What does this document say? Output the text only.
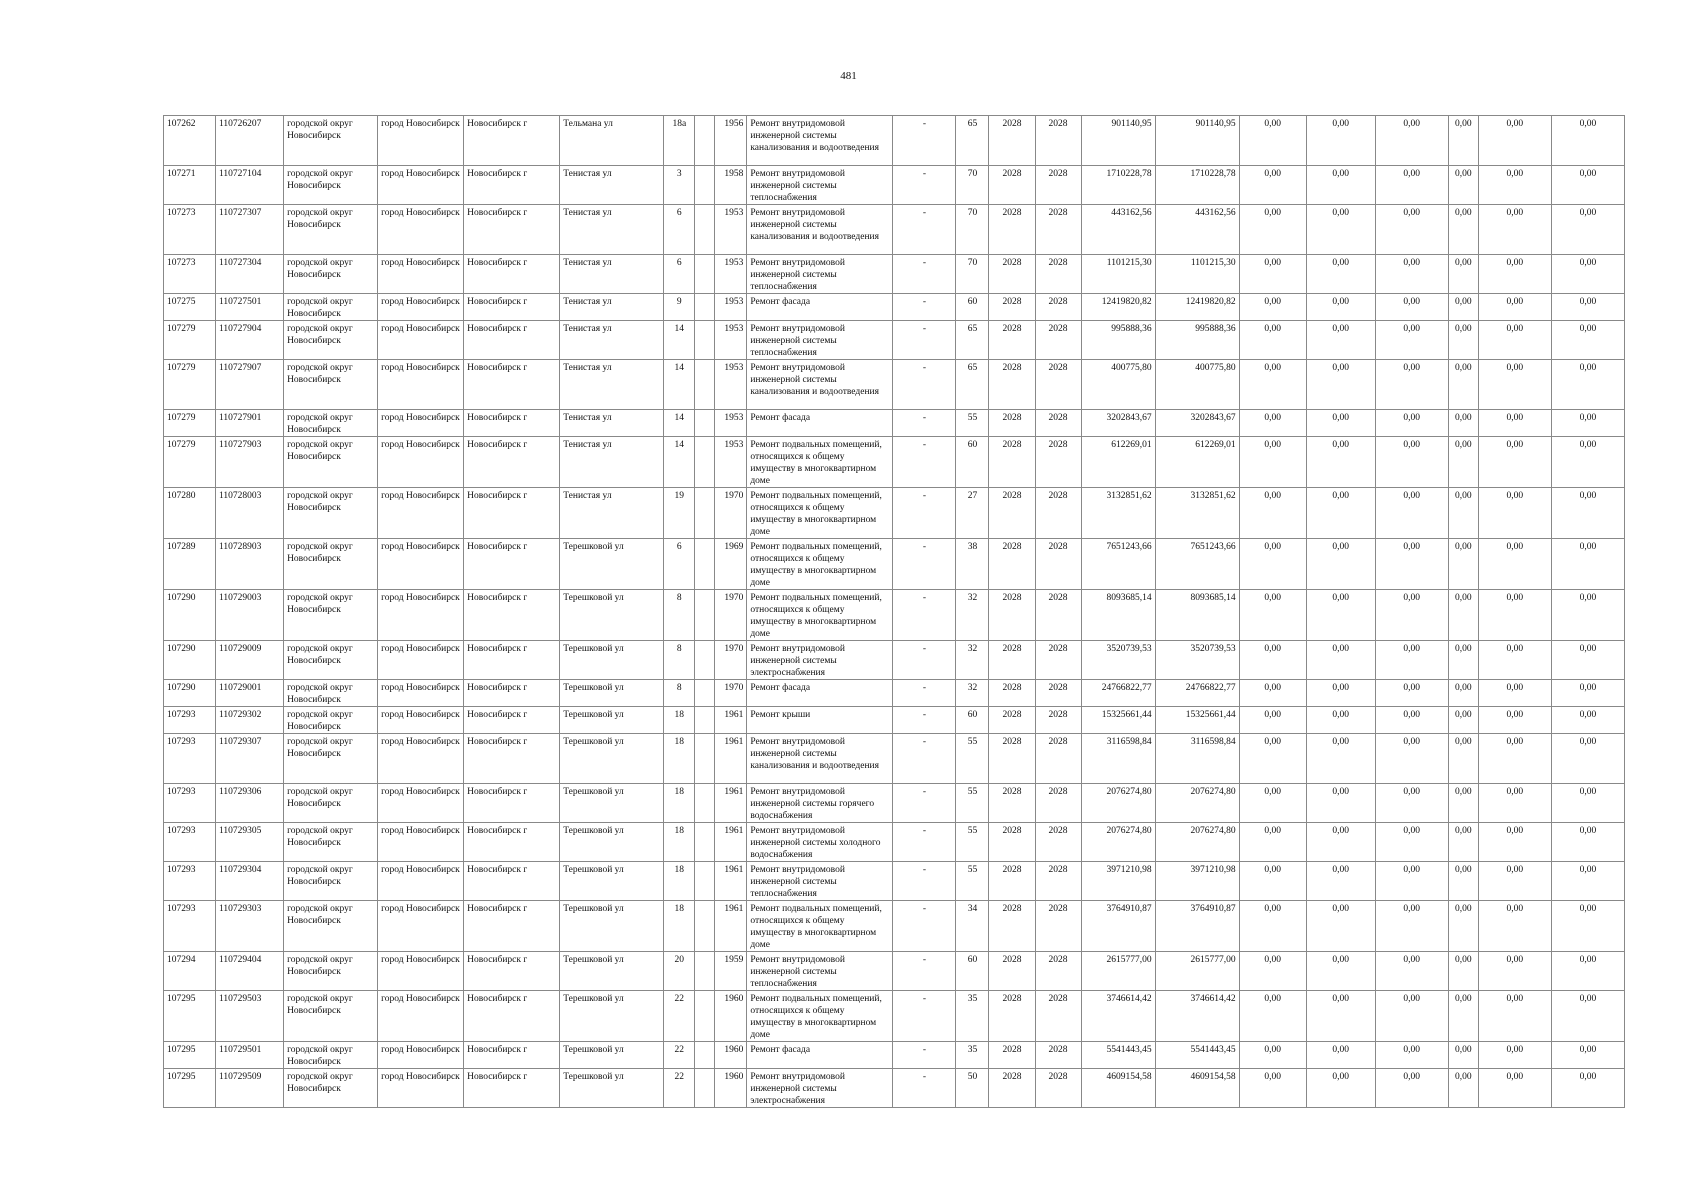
481
107262	110726207	городской округ Новосибирск	город Новосибирск	Новосибирск г	Тельмана ул	18а		1956	Ремонт внутридомовой инженерной системы канализования и водоотведения	-	65	2028	2028	901140,95	901140,95	0,00	0,00	0,00	0,00	0,00	0,00
107271	110727104	городской округ Новосибирск	город Новосибирск	Новосибирск г	Тенистая ул	3		1958	Ремонт внутридомовой инженерной системы теплоснабжения	-	70	2028	2028	1710228,78	1710228,78	0,00	0,00	0,00	0,00	0,00	0,00
107273	110727307	городской округ Новосибирск	город Новосибирск	Новосибирск г	Тенистая ул	6		1953	Ремонт внутридомовой инженерной системы канализования и водоотведения	-	70	2028	2028	443162,56	443162,56	0,00	0,00	0,00	0,00	0,00	0,00
107273	110727304	городской округ Новосибирск	город Новосибирск	Новосибирск г	Тенистая ул	6		1953	Ремонт внутридомовой инженерной системы теплоснабжения	-	70	2028	2028	1101215,30	1101215,30	0,00	0,00	0,00	0,00	0,00	0,00
107275	110727501	городской округ Новосибирск	город Новосибирск	Новосибирск г	Тенистая ул	9		1953	Ремонт фасада	-	60	2028	2028	12419820,82	12419820,82	0,00	0,00	0,00	0,00	0,00	0,00
107279	110727904	городской округ Новосибирск	город Новосибирск	Новосибирск г	Тенистая ул	14		1953	Ремонт внутридомовой инженерной системы теплоснабжения	-	65	2028	2028	995888,36	995888,36	0,00	0,00	0,00	0,00	0,00	0,00
107279	110727907	городской округ Новосибирск	город Новосибирск	Новосибирск г	Тенистая ул	14		1953	Ремонт внутридомовой инженерной системы канализования и водоотведения	-	65	2028	2028	400775,80	400775,80	0,00	0,00	0,00	0,00	0,00	0,00
107279	110727901	городской округ Новосибирск	город Новосибирск	Новосибирск г	Тенистая ул	14		1953	Ремонт фасада	-	55	2028	2028	3202843,67	3202843,67	0,00	0,00	0,00	0,00	0,00	0,00
107279	110727903	городской округ Новосибирск	город Новосибирск	Новосибирск г	Тенистая ул	14		1953	Ремонт подвальных помещений, относящихся к общему имуществу в многоквартирном доме	-	60	2028	2028	612269,01	612269,01	0,00	0,00	0,00	0,00	0,00	0,00
107280	110728003	городской округ Новосибирск	город Новосибирск	Новосибирск г	Тенистая ул	19		1970	Ремонт подвальных помещений, относящихся к общему имуществу в многоквартирном доме	-	27	2028	2028	3132851,62	3132851,62	0,00	0,00	0,00	0,00	0,00	0,00
107289	110728903	городской округ Новосибирск	город Новосибирск	Новосибирск г	Терешковой ул	6		1969	Ремонт подвальных помещений, относящихся к общему имуществу в многоквартирном доме	-	38	2028	2028	7651243,66	7651243,66	0,00	0,00	0,00	0,00	0,00	0,00
107290	110729003	городской округ Новосибирск	город Новосибирск	Новосибирск г	Терешковой ул	8		1970	Ремонт подвальных помещений, относящихся к общему имуществу в многоквартирном доме	-	32	2028	2028	8093685,14	8093685,14	0,00	0,00	0,00	0,00	0,00	0,00
107290	110729009	городской округ Новосибирск	город Новосибирск	Новосибирск г	Терешковой ул	8		1970	Ремонт внутридомовой инженерной системы электроснабжения	-	32	2028	2028	3520739,53	3520739,53	0,00	0,00	0,00	0,00	0,00	0,00
107290	110729001	городской округ Новосибирск	город Новосибирск	Новосибирск г	Терешковой ул	8		1970	Ремонт фасада	-	32	2028	2028	24766822,77	24766822,77	0,00	0,00	0,00	0,00	0,00	0,00
107293	110729302	городской округ Новосибирск	город Новосибирск	Новосибирск г	Терешковой ул	18		1961	Ремонт крыши	-	60	2028	2028	15325661,44	15325661,44	0,00	0,00	0,00	0,00	0,00	0,00
107293	110729307	городской округ Новосибирск	город Новосибирск	Новосибирск г	Терешковой ул	18		1961	Ремонт внутридомовой инженерной системы канализования и водоотведения	-	55	2028	2028	3116598,84	3116598,84	0,00	0,00	0,00	0,00	0,00	0,00
107293	110729306	городской округ Новосибирск	город Новосибирск	Новосибирск г	Терешковой ул	18		1961	Ремонт внутридомовой инженерной системы горячего водоснабжения	-	55	2028	2028	2076274,80	2076274,80	0,00	0,00	0,00	0,00	0,00	0,00
107293	110729305	городской округ Новосибирск	город Новосибирск	Новосибирск г	Терешковой ул	18		1961	Ремонт внутридомовой инженерной системы холодного водоснабжения	-	55	2028	2028	2076274,80	2076274,80	0,00	0,00	0,00	0,00	0,00	0,00
107293	110729304	городской округ Новосибирск	город Новосибирск	Новосибирск г	Терешковой ул	18		1961	Ремонт внутридомовой инженерной системы теплоснабжения	-	55	2028	2028	3971210,98	3971210,98	0,00	0,00	0,00	0,00	0,00	0,00
107293	110729303	городской округ Новосибирск	город Новосибирск	Новосибирск г	Терешковой ул	18		1961	Ремонт подвальных помещений, относящихся к общему имуществу в многоквартирном доме	-	34	2028	2028	3764910,87	3764910,87	0,00	0,00	0,00	0,00	0,00	0,00
107294	110729404	городской округ Новосибирск	город Новосибирск	Новосибирск г	Терешковой ул	20		1959	Ремонт внутридомовой инженерной системы теплоснабжения	-	60	2028	2028	2615777,00	2615777,00	0,00	0,00	0,00	0,00	0,00	0,00
107295	110729503	городской округ Новосибирск	город Новосибирск	Новосибирск г	Терешковой ул	22		1960	Ремонт подвальных помещений, относящихся к общему имуществу в многоквартирном доме	-	35	2028	2028	3746614,42	3746614,42	0,00	0,00	0,00	0,00	0,00	0,00
107295	110729501	городской округ Новосибирск	город Новосибирск	Новосибирск г	Терешковой ул	22		1960	Ремонт фасада	-	35	2028	2028	5541443,45	5541443,45	0,00	0,00	0,00	0,00	0,00	0,00
107295	110729509	городской округ Новосибирск	город Новосибирск	Новосибирск г	Терешковой ул	22		1960	Ремонт внутридомовой инженерной системы электроснабжения	-	50	2028	2028	4609154,58	4609154,58	0,00	0,00	0,00	0,00	0,00	0,00
